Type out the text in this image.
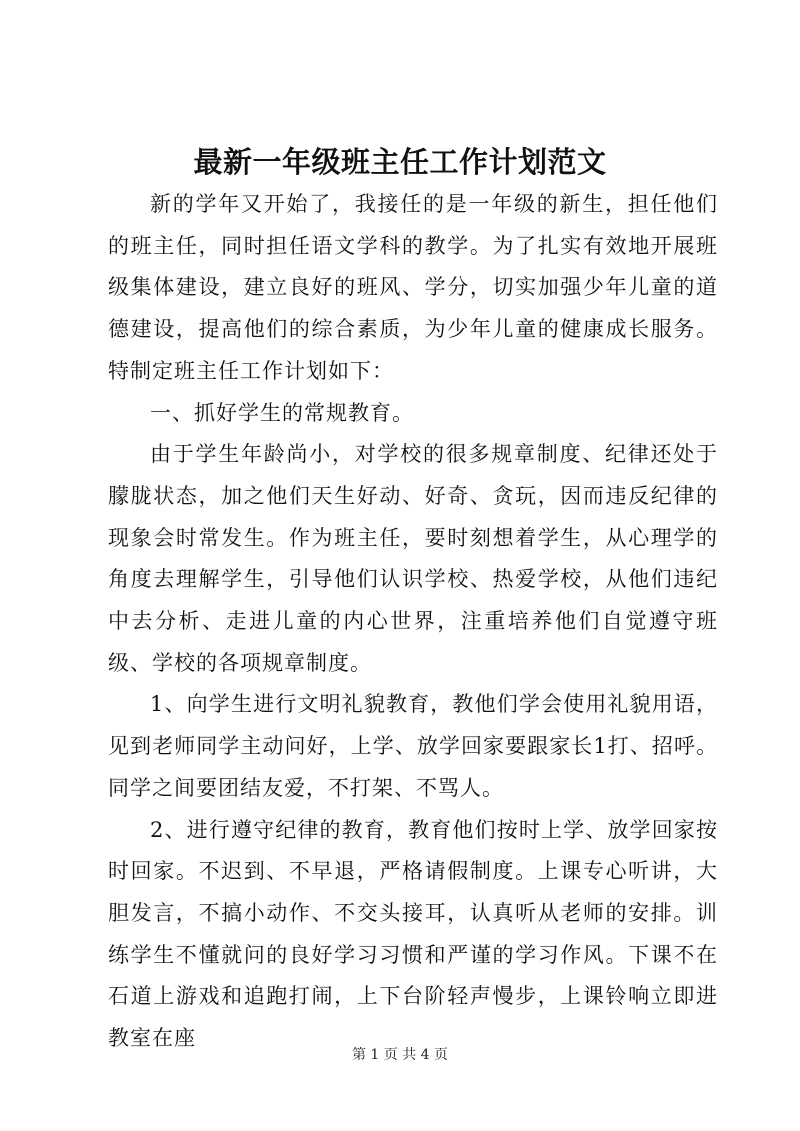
最新一年级班主任工作计划范文

新的学年又开始了，我接任的是一年级的新生，担任他们的班主任，同时担任语文学科的教学。为了扎实有效地开展班级集体建设，建立良好的班风、学分，切实加强少年儿童的道德建设，提高他们的综合素质，为少年儿童的健康成长服务。特制定班主任工作计划如下：

一、抓好学生的常规教育。

由于学生年龄尚小，对学校的很多规章制度、纪律还处于朦胧状态，加之他们天生好动、好奇、贪玩，因而违反纪律的现象会时常发生。作为班主任，要时刻想着学生，从心理学的角度去理解学生，引导他们认识学校、热爱学校，从他们违纪中去分析、走进儿童的内心世界，注重培养他们自觉遵守班级、学校的各项规章制度。

1、向学生进行文明礼貌教育，教他们学会使用礼貌用语，见到老师同学主动问好，上学、放学回家要跟家长1打、招呼。同学之间要团结友爱，不打架、不骂人。

2、进行遵守纪律的教育，教育他们按时上学、放学回家按时回家。不迟到、不早退，严格请假制度。上课专心听讲，大胆发言，不搞小动作、不交头接耳，认真听从老师的安排。训练学生不懂就问的良好学习习惯和严谨的学习作风。下课不在石道上游戏和追跑打闹，上下台阶轻声慢步，上课铃响立即进教室在座

第 1 页 共 4 页
